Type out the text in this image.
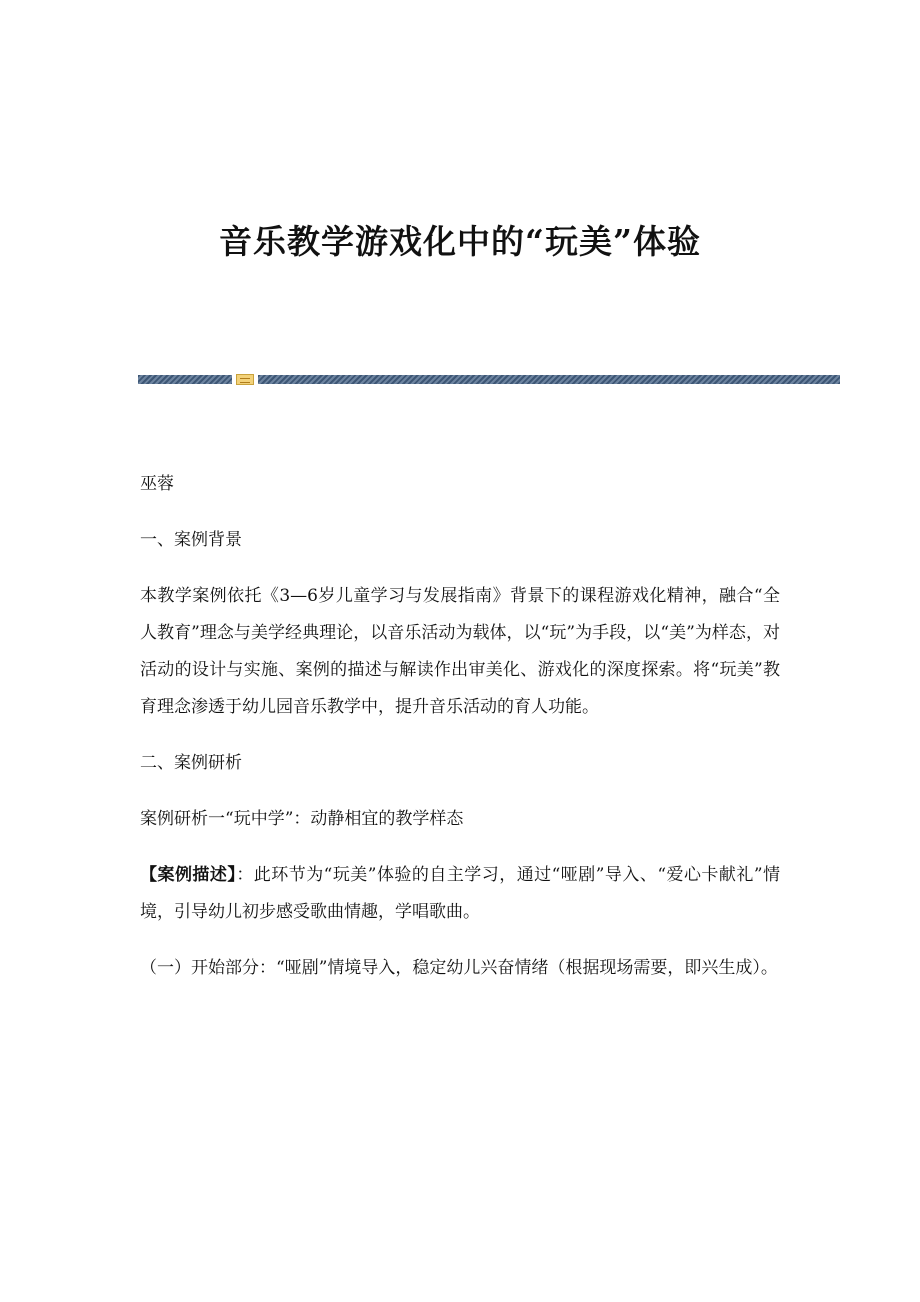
音乐教学游戏化中的“玩美”体验

巫蓉

一、案例背景

本教学案例依托《3—6岁儿童学习与发展指南》背景下的课程游戏化精神，融合“全人教育”理念与美学经典理论，以音乐活动为载体，以“玩”为手段，以“美”为样态，对活动的设计与实施、案例的描述与解读作出审美化、游戏化的深度探索。将“玩美”教育理念渗透于幼儿园音乐教学中，提升音乐活动的育人功能。

二、案例研析

案例研析一“玩中学”：动静相宜的教学样态

【案例描述】：此环节为“玩美”体验的自主学习，通过“哑剧”导入、“爱心卡献礼”情境，引导幼儿初步感受歌曲情趣，学唱歌曲。

（一）开始部分：“哑剧”情境导入，稳定幼儿兴奋情绪（根据现场需要，即兴生成）。
